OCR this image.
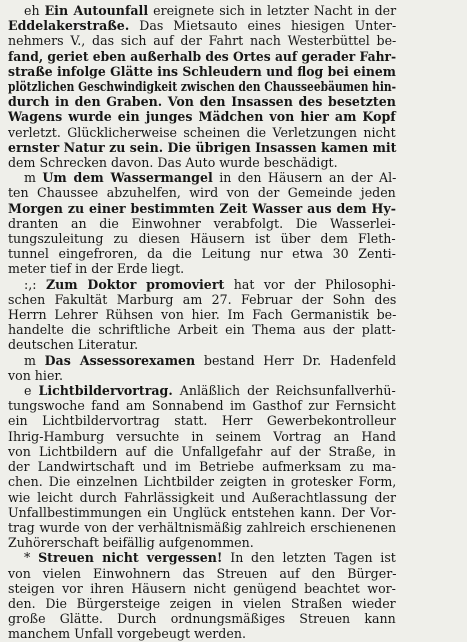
eh Ein Autounfall ereignete sich in letzter Nacht in der
Eddelakerstraße. Das Mietsauto eines hiesigen Unter-
nehmers V., das sich auf der Fahrt nach Westerbüttel be-
fand, geriet eben außerhalb des Ortes auf gerader Fahr-
straße infolge Glätte ins Schleudern und flog bei einem
plötzlichen Geschwindigkeit zwischen den Chausseebäumen hin-
durch in den Graben. Von den Insassen des besetzten
Wagens wurde ein junges Mädchen von hier am Kopf
verletzt. Glücklicherweise scheinen die Verletzungen nicht
ernster Natur zu sein. Die übrigen Insassen kamen mit
dem Schrecken davon. Das Auto wurde beschädigt.

m Um dem Wassermangel in den Häusern an der Al-
ten Chaussee abzuhelfen, wird von der Gemeinde jeden
Morgen zu einer bestimmten Zeit Wasser aus dem Hy-
dranten an die Einwohner verabfolgt. Die Wasserlei-
tungszuleitung zu diesen Häusern ist über dem Fleth-
tunnel eingefroren, da die Leitung nur etwa 30 Zenti-
meter tief in der Erde liegt.

:,: Zum Doktor promoviert hat vor der Philosophi-
schen Fakultät Marburg am 27. Februar der Sohn des
Herrn Lehrer Rühsen von hier. Im Fach Germanistik be-
handelte die schriftliche Arbeit ein Thema aus der platt-
deutschen Literatur.

m Das Assessorexamen bestand Herr Dr. Hadenfeld
von hier.

e Lichtbildervortrag. Anläßlich der Reichsunfallverhü-
tungswoche fand am Sonnabend im Gasthof zur Fernsicht
ein Lichtbildervortrag statt. Herr Gewerbekontrolleur
Ihrig-Hamburg versuchte in seinem Vortrag an Hand
von Lichtbildern auf die Unfallgefahr auf der Straße, in
der Landwirtschaft und im Betriebe aufmerksam zu ma-
chen. Die einzelnen Lichtbilder zeigten in grotesker Form,
wie leicht durch Fahrlässigkeit und Außerachtlassung der
Unfallbestimmungen ein Unglück entstehen kann. Der Vor-
trag wurde von der verhältnismäßig zahlreich erschienenen
Zuhörerschaft beifällig aufgenommen.

* Streuen nicht vergessen! In den letzten Tagen ist
von vielen Einwohnern das Streuen auf den Bürger-
steigen vor ihren Häusern nicht genügend beachtet wor-
den. Die Bürgersteige zeigen in vielen Straßen wieder
große Glätte. Durch ordnungsmäßiges Streuen kann
manchem Unfall vorgebeugt werden.
